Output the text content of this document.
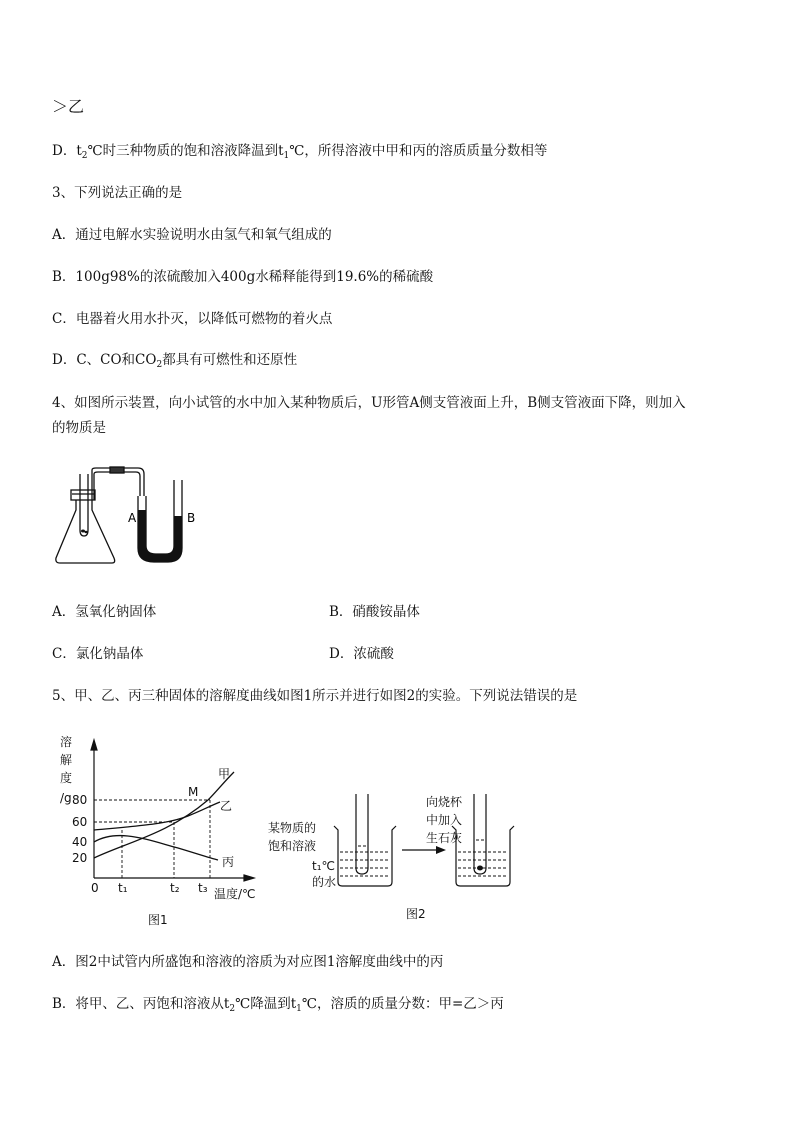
＞乙
D．$t_2℃$时三种物质的饱和溶液降温到$t_1℃$，所得溶液中甲和丙的溶质质量分数相等
3、下列说法正确的是
A．通过电解水实验说明水由氢气和氧气组成的
B．100g98%的浓硫酸加入400g水稀释能得到19.6%的稀硫酸
C．电器着火用水扑灭，以降低可燃物的着火点
D．C、CO和$CO_2$都具有可燃性和还原性
4、如图所示装置，向小试管的水中加入某种物质后，U形管A侧支管液面上升，B侧支管液面下降，则加入
的物质是
A	B
A．氢氧化钠固体	B．硝酸铵晶体
C．氯化钠晶体	D．浓硫酸
5、甲、乙、丙三种固体的溶解度曲线如图1所示并进行如图2的实验。下列说法错误的是
溶
解
度
/g 80
60
40
20
0 t₁	t₂ t₃ 温度/℃
甲
乙
丙
M
图1
某物质的
饱和溶液
t₁℃
的水
向烧杯
中加入
生石灰
图2
A．图2中试管内所盛饱和溶液的溶质为对应图1溶解度曲线中的丙
B．将甲、乙、丙饱和溶液从$t_2℃$降温到$t_1℃$，溶质的质量分数：甲=乙＞丙
